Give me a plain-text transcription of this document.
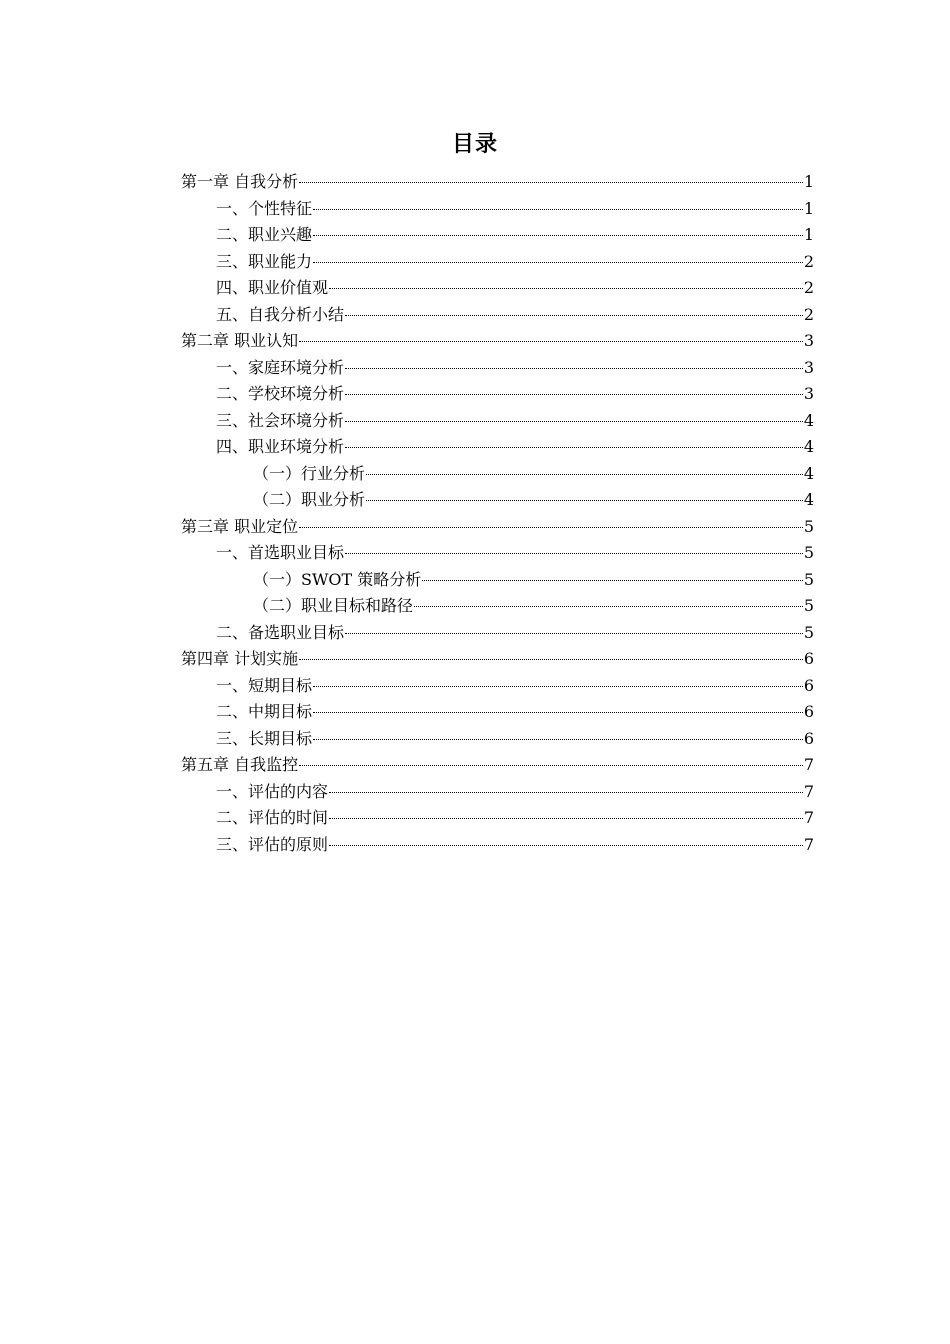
目录
第一章 自我分析	1
一、个性特征	1
二、职业兴趣	1
三、职业能力	2
四、职业价值观	2
五、自我分析小结	2
第二章 职业认知	3
一、家庭环境分析	3
二、学校环境分析	3
三、社会环境分析	4
四、职业环境分析	4
（一）行业分析	4
（二）职业分析	4
第三章 职业定位	5
一、首选职业目标	5
（一）SWOT 策略分析	5
（二）职业目标和路径	5
二、备选职业目标	5
第四章 计划实施	6
一、短期目标	6
二、中期目标	6
三、长期目标	6
第五章 自我监控	7
一、评估的内容	7
二、评估的时间	7
三、评估的原则	7
